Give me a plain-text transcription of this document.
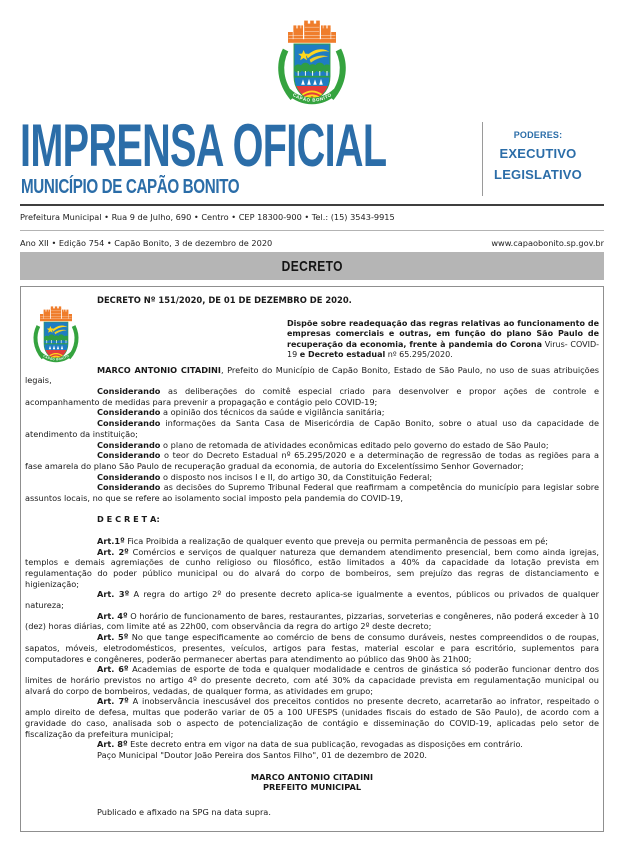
IMPRENSA OFICIAL
MUNICÍPIO DE CAPÃO BONITO
PODERES:
EXECUTIVO
LEGISLATIVO
Prefeitura Municipal • Rua 9 de Julho, 690 • Centro • CEP 18300-900 • Tel.: (15) 3543-9915
Ano XII • Edição 754 • Capão Bonito, 3 de dezembro de 2020	www.capaobonito.sp.gov.br
DECRETO
DECRETO Nº 151/2020, DE 01 DE DEZEMBRO DE 2020.

Dispõe sobre readequação das regras relativas ao funcionamento de empresas comerciais e outras, em função do plano São Paulo de recuperação da economia, frente à pandemia do Corona Virus- COVID-19 e Decreto estadual nº 65.295/2020.

MARCO ANTONIO CITADINI, Prefeito do Município de Capão Bonito, Estado de São Paulo, no uso de suas atribuições legais,

Considerando as deliberações do comitê especial criado para desenvolver e propor ações de controle e acompanhamento de medidas para prevenir a propagação e contágio pelo COVID-19;

Considerando a opinião dos técnicos da saúde e vigilância sanitária;

Considerando informações da Santa Casa de Misericórdia de Capão Bonito, sobre o atual uso da capacidade de atendimento da instituição;

Considerando o plano de retomada de atividades econômicas editado pelo governo do estado de São Paulo;

Considerando o teor do Decreto Estadual nº 65.295/2020 e a determinação de regressão de todas as regiões para a fase amarela do plano São Paulo de recuperação gradual da economia, de autoria do Excelentíssimo Senhor Governador;

Considerando o disposto nos incisos I e II, do artigo 30, da Constituição Federal;

Considerando as decisões do Supremo Tribunal Federal que reafirmam a competência do município para legislar sobre assuntos locais, no que se refere ao isolamento social imposto pela pandemia do COVID-19,

D E C R E T A:

Art.1º Fica Proibida a realização de qualquer evento que preveja ou permita permanência de pessoas em pé;

Art. 2º Comércios e serviços de qualquer natureza que demandem atendimento presencial, bem como ainda igrejas, templos e demais agremiações de cunho religioso ou filosófico, estão limitados a 40% da capacidade da lotação prevista em regulamentação do poder público municipal ou do alvará do corpo de bombeiros, sem prejuízo das regras de distanciamento e higienização;

Art. 3º A regra do artigo 2º do presente decreto aplica-se igualmente a eventos, públicos ou privados de qualquer natureza;

Art. 4º O horário de funcionamento de bares, restaurantes, pizzarias, sorveterias e congêneres, não poderá exceder à 10 (dez) horas diárias, com limite até as 22h00, com observância da regra do artigo 2º deste decreto;

Art. 5º No que tange especificamente ao comércio de bens de consumo duráveis, nestes compreendidos o de roupas, sapatos, móveis, eletrodomésticos, presentes, veículos, artigos para festas, material escolar e para escritório, suplementos para computadores e congêneres, poderão permanecer abertas para atendimento ao público das 9h00 às 21h00;

Art. 6º Academias de esporte de toda e qualquer modalidade e centros de ginástica só poderão funcionar dentro dos limites de horário previstos no artigo 4º do presente decreto, com até 30% da capacidade prevista em regulamentação municipal ou alvará do corpo de bombeiros, vedadas, de qualquer forma, as atividades em grupo;

Art. 7º A inobservância inescusável dos preceitos contidos no presente decreto, acarretarão ao infrator, respeitado o amplo direito de defesa, multas que poderão variar de 05 a 100 UFESPS (unidades fiscais do estado de São Paulo), de acordo com a gravidade do caso, analisada sob o aspecto de potencialização de contágio e disseminação do COVID-19, aplicadas pelo setor de fiscalização da prefeitura municipal;

Art. 8º Este decreto entra em vigor na data de sua publicação, revogadas as disposições em contrário.

Paço Municipal "Doutor João Pereira dos Santos Filho", 01 de dezembro de 2020.

MARCO ANTONIO CITADINI
PREFEITO MUNICIPAL

Publicado e afixado na SPG na data supra.
